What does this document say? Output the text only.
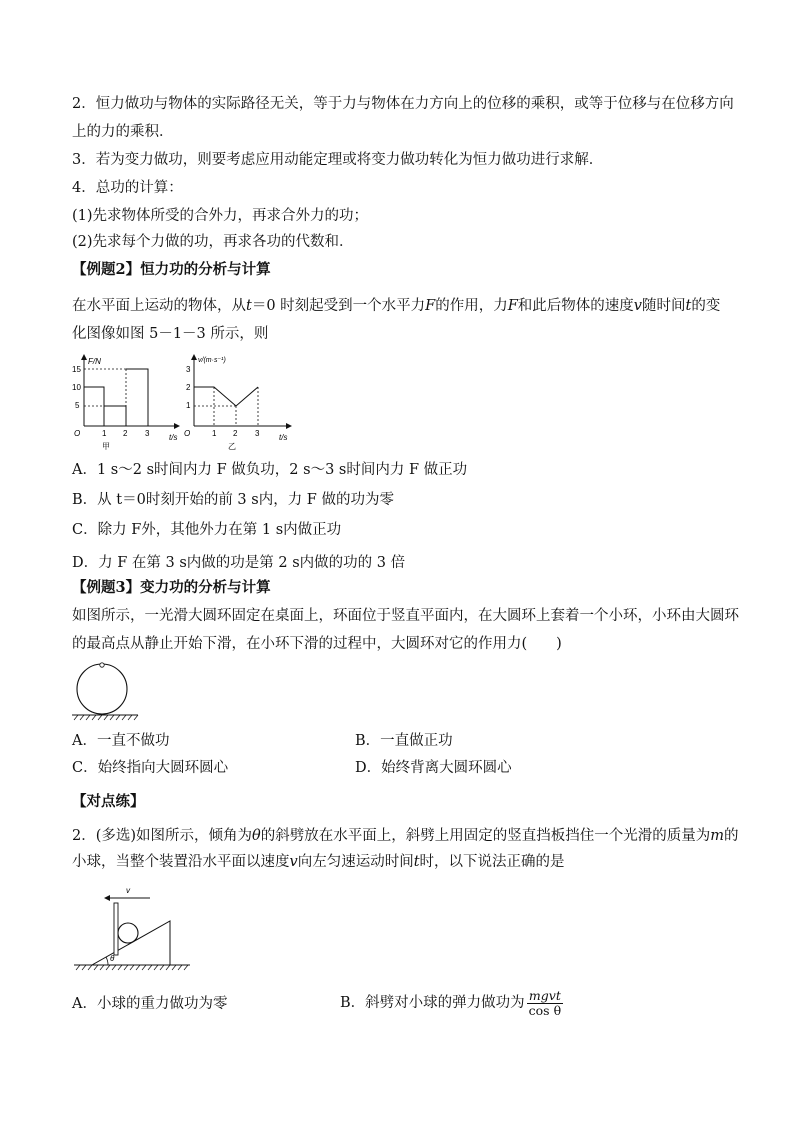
2．恒力做功与物体的实际路径无关，等于力与物体在力方向上的位移的乘积，或等于位移与在位移方向
上的力的乘积．
3．若为变力做功，则要考虑应用动能定理或将变力做功转化为恒力做功进行求解．
4．总功的计算：
(1)先求物体所受的合外力，再求合外力的功；
(2)先求每个力做的功，再求各功的代数和．
【例题2】恒力功的分析与计算
在水平面上运动的物体，从t＝0 时刻起受到一个水平力F的作用，力F和此后物体的速度v随时间t的变
化图像如图 5－1－3 所示，则
F/N
t/s
O
15
10
5
1 2 3
甲
v/(m·s⁻¹)
t/s
O
3
2
1
1 2 3
乙
A．1 s～2 s时间内力 F 做负功，2 s～3 s时间内力 F 做正功
B．从 t＝0时刻开始的前 3 s内，力 F 做的功为零
C．除力 F外，其他外力在第 1 s内做正功
D．力 F 在第 3 s内做的功是第 2 s内做的功的 3 倍
【例题3】变力功的分析与计算
如图所示，一光滑大圆环固定在桌面上，环面位于竖直平面内，在大圆环上套着一个小环，小环由大圆环
的最高点从静止开始下滑，在小环下滑的过程中，大圆环对它的作用力(　　)
A．一直不做功	B．一直做正功
C．始终指向大圆环圆心	D．始终背离大圆环圆心
【对点练】
2．(多选)如图所示，倾角为θ的斜劈放在水平面上，斜劈上用固定的竖直挡板挡住一个光滑的质量为m的
小球，当整个装置沿水平面以速度v向左匀速运动时间t时，以下说法正确的是
v
θ
A．小球的重力做功为零	B．斜劈对小球的弹力做功为 $\frac{\text{mgvt}}{\text{cos θ}}$
